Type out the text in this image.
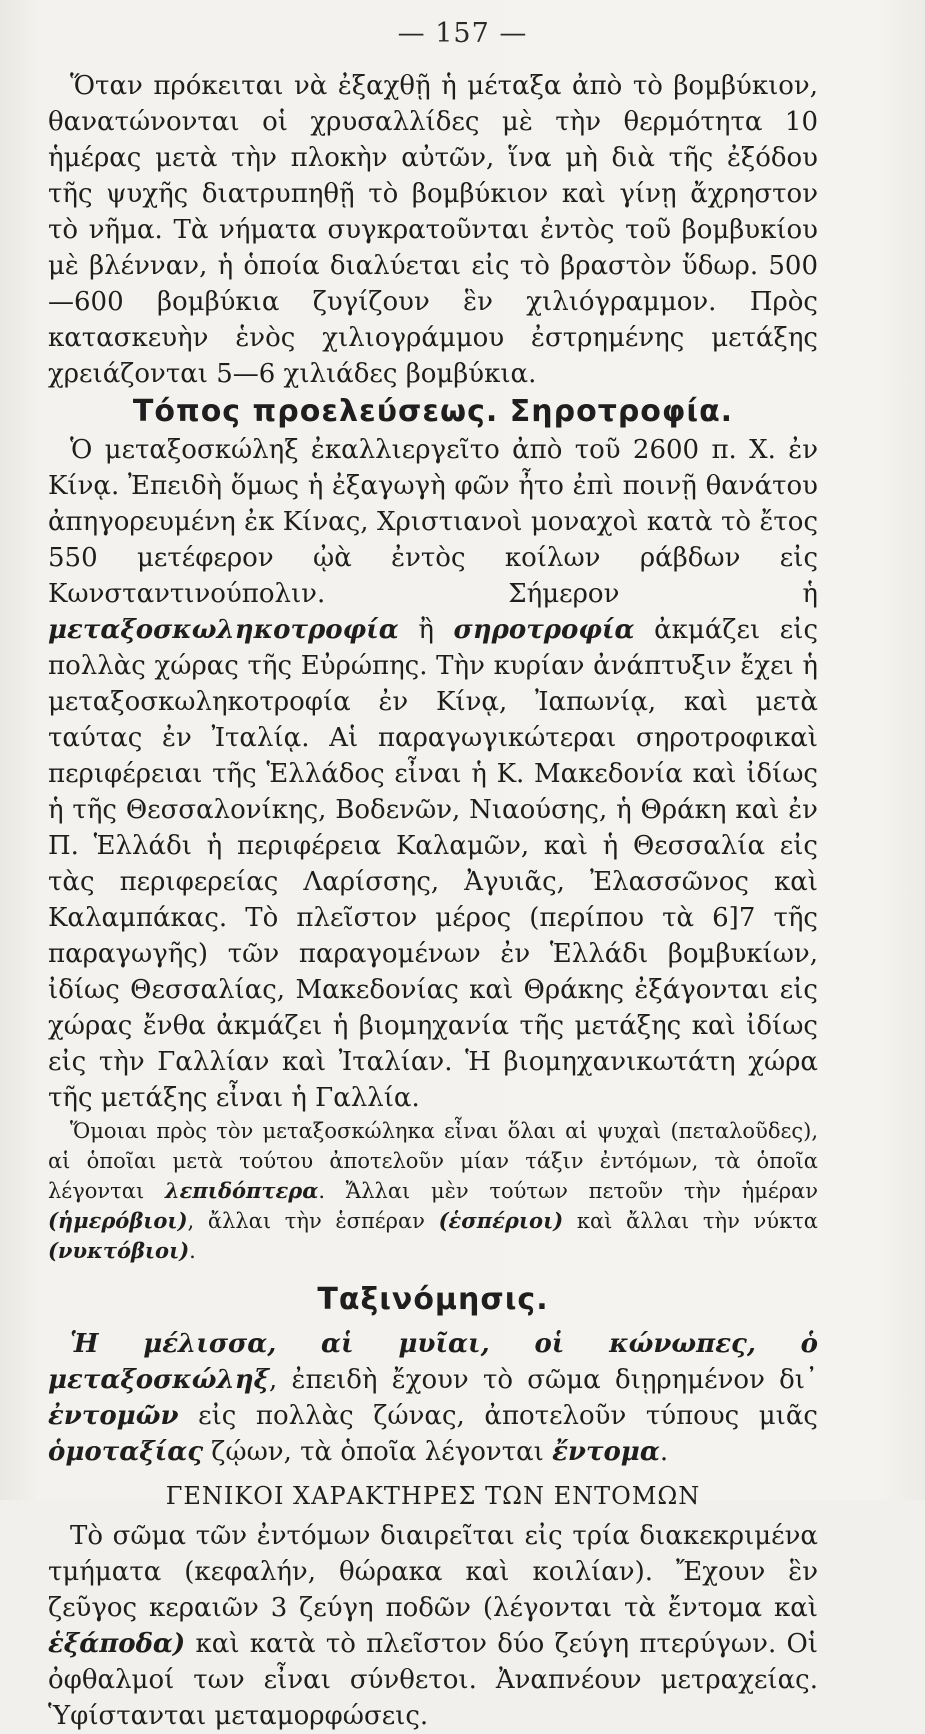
— 157 —

Ὅταν πρόκειται νὰ ἐξαχθῇ ἡ μέταξα ἀπὸ τὸ βομβύκιον, θανατώνονται οἱ χρυσαλλίδες μὲ τὴν θερμότητα 10 ἡμέρας μετὰ τὴν πλοκὴν αὐτῶν, ἵνα μὴ διὰ τῆς ἐξόδου τῆς ψυχῆς διατρυπηθῇ τὸ βομβύκιον καὶ γίνῃ ἄχρηστον τὸ νῆμα. Τὰ νήματα συγκρατοῦνται ἐντὸς τοῦ βομβυκίου μὲ βλένναν, ἡ ὁποία διαλύεται εἰς τὸ βραστὸν ὕδωρ. 500—600 βομβύκια ζυγίζουν ἓν χιλιόγραμμον. Πρὸς κατασκευὴν ἑνὸς χιλιογράμμου ἐστρημένης μετάξης χρειάζονται 5—6 χιλιάδες βομβύκια.

Τόπος προελεύσεως. Σηροτροφία.

Ὁ μεταξοσκώληξ ἐκαλλιεργεῖτο ἀπὸ τοῦ 2600 π. Χ. ἐν Κίνᾳ. Ἐπειδὴ ὅμως ἡ ἐξαγωγὴ φῶν ἦτο ἐπὶ ποινῇ θανάτου ἀπηγορευμένη ἐκ Κίνας, Χριστιανοὶ μοναχοὶ κατὰ τὸ ἔτος 550 μετέφερον ᾠὰ ἐντὸς κοίλων ράβδων εἰς Κωνσταντινούπολιν. Σήμερον ἡ μεταξοσκωληκοτροφία ἢ σηροτροφία ἀκμάζει εἰς πολλὰς χώρας τῆς Εὐρώπης. Τὴν κυρίαν ἀνάπτυξιν ἔχει ἡ μεταξοσκωληκοτροφία ἐν Κίνᾳ, Ἰαπωνίᾳ, καὶ μετὰ ταύτας ἐν Ἰταλίᾳ. Αἱ παραγωγικώτεραι σηροτροφικαὶ περιφέρειαι τῆς Ἑλλάδος εἶναι ἡ Κ. Μακεδονία καὶ ἰδίως ἡ τῆς Θεσσαλονίκης, Βοδενῶν, Νιαούσης, ἡ Θράκη καὶ ἐν Π. Ἑλλάδι ἡ περιφέρεια Καλαμῶν, καὶ ἡ Θεσσαλία εἰς τὰς περιφερείας Λαρίσσης, Ἀγυιᾶς, Ἐλασσῶνος καὶ Καλαμπάκας. Τὸ πλεῖστον μέρος (περίπου τὰ 6]7 τῆς παραγωγῆς) τῶν παραγομένων ἐν Ἑλλάδι βομβυκίων, ἰδίως Θεσσαλίας, Μακεδονίας καὶ Θράκης ἐξάγονται εἰς χώρας ἔνθα ἀκμάζει ἡ βιομηχανία τῆς μετάξης καὶ ἰδίως εἰς τὴν Γαλλίαν καὶ Ἰταλίαν. Ἡ βιομηχανικωτάτη χώρα τῆς μετάξης εἶναι ἡ Γαλλία.

Ὅμοιαι πρὸς τὸν μεταξοσκώληκα εἶναι ὅλαι αἱ ψυχαὶ (πεταλοῦδες), αἱ ὁποῖαι μετὰ τούτου ἀποτελοῦν μίαν τάξιν ἐντόμων, τὰ ὁποῖα λέγονται λεπιδόπτερα. Ἄλλαι μὲν τούτων πετοῦν τὴν ἡμέραν (ἡμερόβιοι), ἄλλαι τὴν ἑσπέραν (ἑσπέριοι) καὶ ἄλλαι τὴν νύκτα (νυκτόβιοι).

Ταξινόμησις.

Ἡ μέλισσα, αἱ μυῖαι, οἱ κώνωπες, ὁ μεταξοσκώληξ, ἐπειδὴ ἔχουν τὸ σῶμα διῃρημένον δι᾽ ἐντομῶν εἰς πολλὰς ζώνας, ἀποτελοῦν τύπους μιᾶς ὁμοταξίας ζῴων, τὰ ὁποῖα λέγονται ἔντομα.

ΓΕΝΙΚΟΙ ΧΑΡΑΚΤΗΡΕΣ ΤΩΝ ΕΝΤΟΜΩΝ

Τὸ σῶμα τῶν ἐντόμων διαιρεῖται εἰς τρία διακεκριμένα τμήματα (κεφαλήν, θώρακα καὶ κοιλίαν). Ἔχουν ἓν ζεῦγος κεραιῶν 3 ζεύγη ποδῶν (λέγονται τὰ ἔντομα καὶ ἑξάποδα) καὶ κατὰ τὸ πλεῖστον δύο ζεύγη πτερύγων. Οἱ ὀφθαλμοί των εἶναι σύνθετοι. Ἀναπνέουν μετραχείας. Ὑφίστανται μεταμορφώσεις.
